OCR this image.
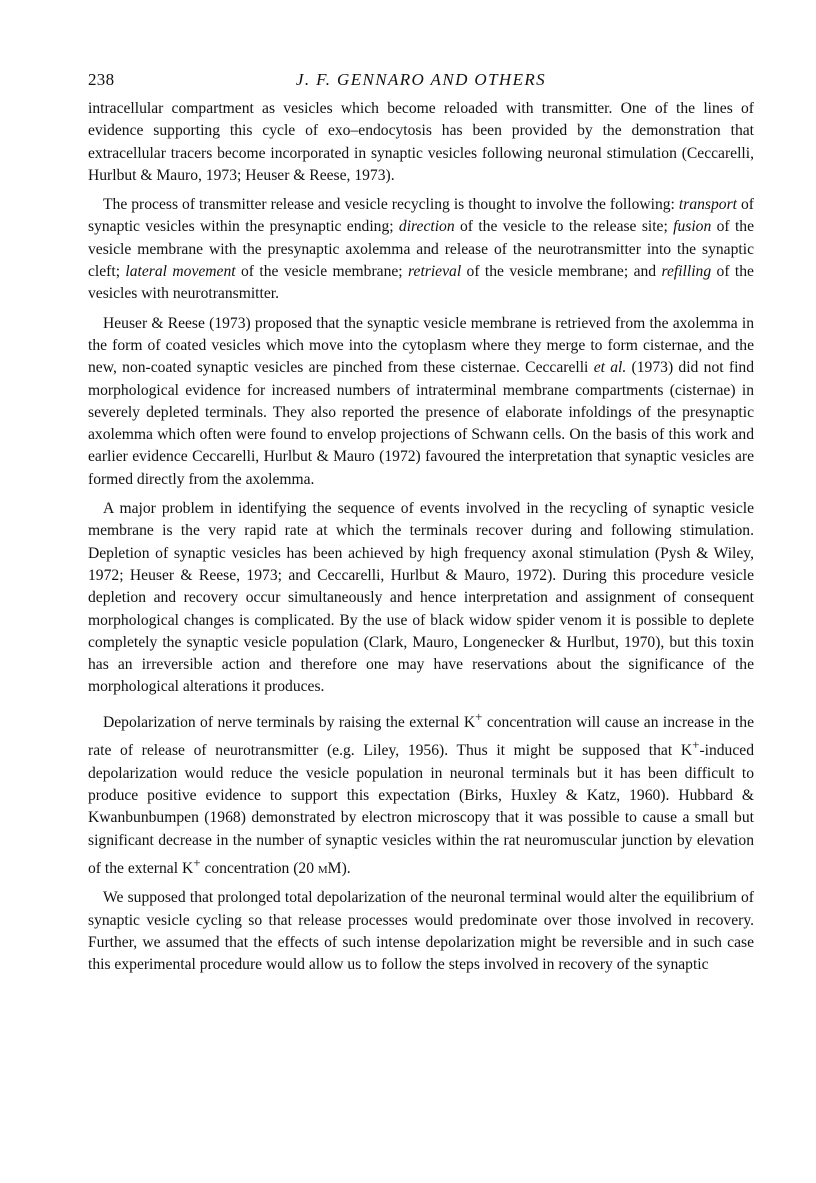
238	J. F. GENNARO AND OTHERS

intracellular compartment as vesicles which become reloaded with transmitter. One of the lines of evidence supporting this cycle of exo–endocytosis has been provided by the demonstration that extracellular tracers become incorporated in synaptic vesicles following neuronal stimulation (Ceccarelli, Hurlbut & Mauro, 1973; Heuser & Reese, 1973).

The process of transmitter release and vesicle recycling is thought to involve the following: transport of synaptic vesicles within the presynaptic ending; direction of the vesicle to the release site; fusion of the vesicle membrane with the presynaptic axolemma and release of the neurotransmitter into the synaptic cleft; lateral movement of the vesicle membrane; retrieval of the vesicle membrane; and refilling of the vesicles with neurotransmitter.

Heuser & Reese (1973) proposed that the synaptic vesicle membrane is retrieved from the axolemma in the form of coated vesicles which move into the cytoplasm where they merge to form cisternae, and the new, non-coated synaptic vesicles are pinched from these cisternae. Ceccarelli et al. (1973) did not find morphological evidence for increased numbers of intraterminal membrane compartments (cisternae) in severely depleted terminals. They also reported the presence of elaborate infoldings of the presynaptic axolemma which often were found to envelop projections of Schwann cells. On the basis of this work and earlier evidence Ceccarelli, Hurlbut & Mauro (1972) favoured the interpretation that synaptic vesicles are formed directly from the axolemma.

A major problem in identifying the sequence of events involved in the recycling of synaptic vesicle membrane is the very rapid rate at which the terminals recover during and following stimulation. Depletion of synaptic vesicles has been achieved by high frequency axonal stimulation (Pysh & Wiley, 1972; Heuser & Reese, 1973; and Ceccarelli, Hurlbut & Mauro, 1972). During this procedure vesicle depletion and recovery occur simultaneously and hence interpretation and assignment of consequent morphological changes is complicated. By the use of black widow spider venom it is possible to deplete completely the synaptic vesicle population (Clark, Mauro, Longenecker & Hurlbut, 1970), but this toxin has an irreversible action and therefore one may have reservations about the significance of the morphological alterations it produces.

Depolarization of nerve terminals by raising the external K+ concentration will cause an increase in the rate of release of neurotransmitter (e.g. Liley, 1956). Thus it might be supposed that K+-induced depolarization would reduce the vesicle population in neuronal terminals but it has been difficult to produce positive evidence to support this expectation (Birks, Huxley & Katz, 1960). Hubbard & Kwanbunbumpen (1968) demonstrated by electron microscopy that it was possible to cause a small but significant decrease in the number of synaptic vesicles within the rat neuromuscular junction by elevation of the external K+ concentration (20 mM).

We supposed that prolonged total depolarization of the neuronal terminal would alter the equilibrium of synaptic vesicle cycling so that release processes would predominate over those involved in recovery. Further, we assumed that the effects of such intense depolarization might be reversible and in such case this experimental procedure would allow us to follow the steps involved in recovery of the synaptic
